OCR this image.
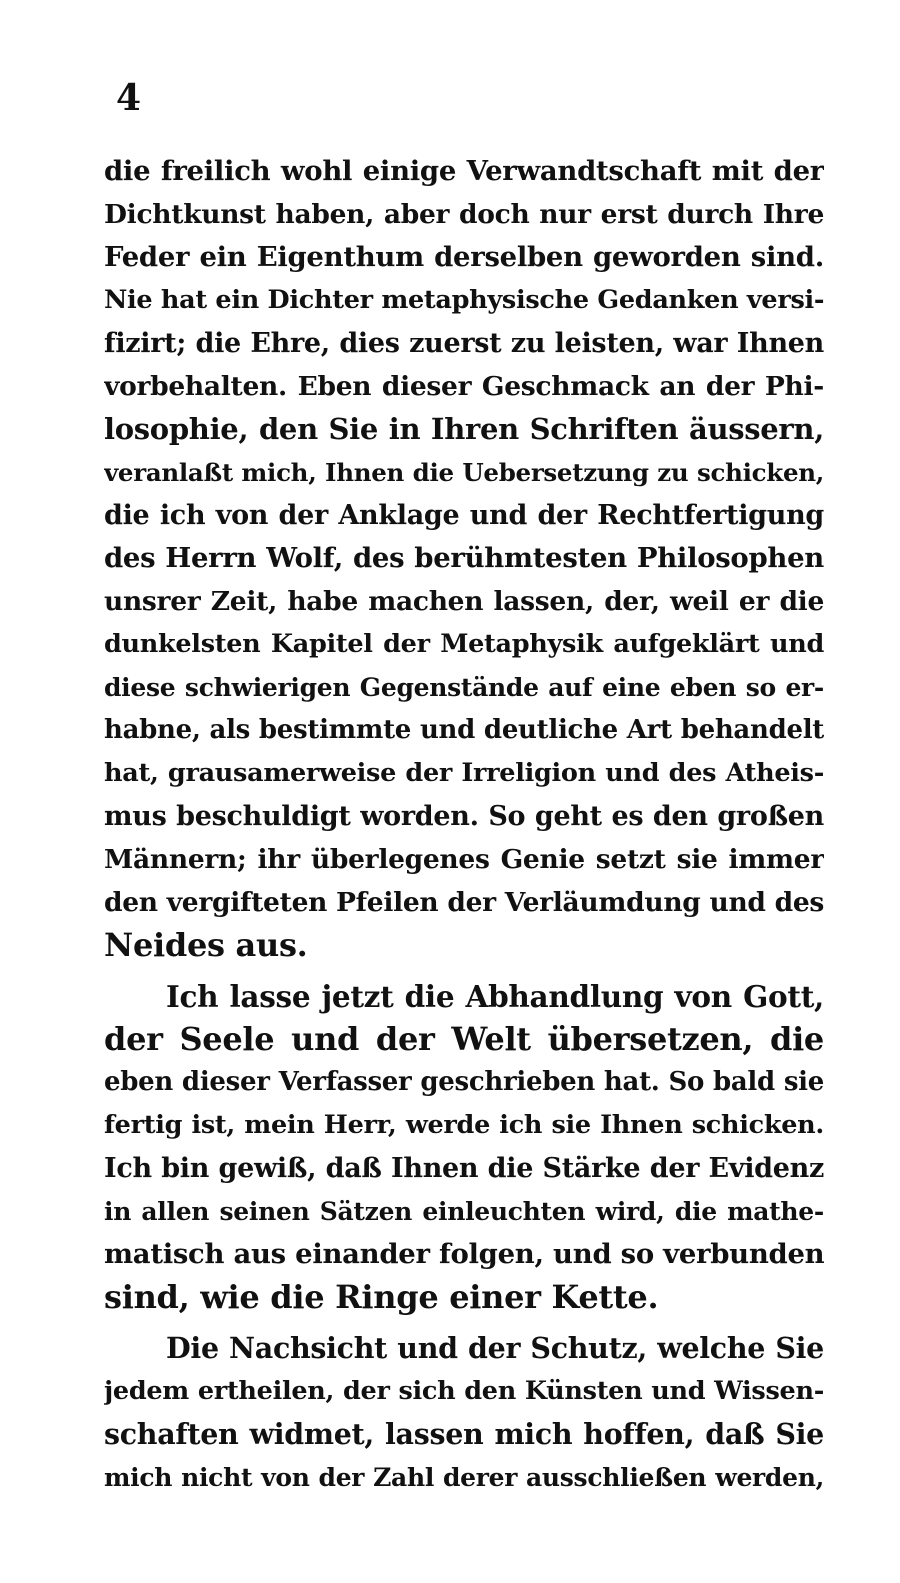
4
die freilich wohl einige Verwandtschaft mit der
Dichtkunst haben, aber doch nur erst durch Ihre
Feder ein Eigenthum derselben geworden sind.
Nie hat ein Dichter metaphysische Gedanken versi-
fizirt; die Ehre, dies zuerst zu leisten, war Ihnen
vorbehalten. Eben dieser Geschmack an der Phi-
losophie, den Sie in Ihren Schriften äussern,
veranlaßt mich, Ihnen die Uebersetzung zu schicken,
die ich von der Anklage und der Rechtfertigung
des Herrn Wolf, des berühmtesten Philosophen
unsrer Zeit, habe machen lassen, der, weil er die
dunkelsten Kapitel der Metaphysik aufgeklärt und
diese schwierigen Gegenstände auf eine eben so er-
habne, als bestimmte und deutliche Art behandelt
hat, grausamerweise der Irreligion und des Atheis-
mus beschuldigt worden. So geht es den großen
Männern; ihr überlegenes Genie setzt sie immer
den vergifteten Pfeilen der Verläumdung und des
Neides aus.
Ich lasse jetzt die Abhandlung von Gott,
der Seele und der Welt übersetzen, die
eben dieser Verfasser geschrieben hat. So bald sie
fertig ist, mein Herr, werde ich sie Ihnen schicken.
Ich bin gewiß, daß Ihnen die Stärke der Evidenz
in allen seinen Sätzen einleuchten wird, die mathe-
matisch aus einander folgen, und so verbunden
sind, wie die Ringe einer Kette.
Die Nachsicht und der Schutz, welche Sie
jedem ertheilen, der sich den Künsten und Wissen-
schaften widmet, lassen mich hoffen, daß Sie
mich nicht von der Zahl derer ausschließen werden,
